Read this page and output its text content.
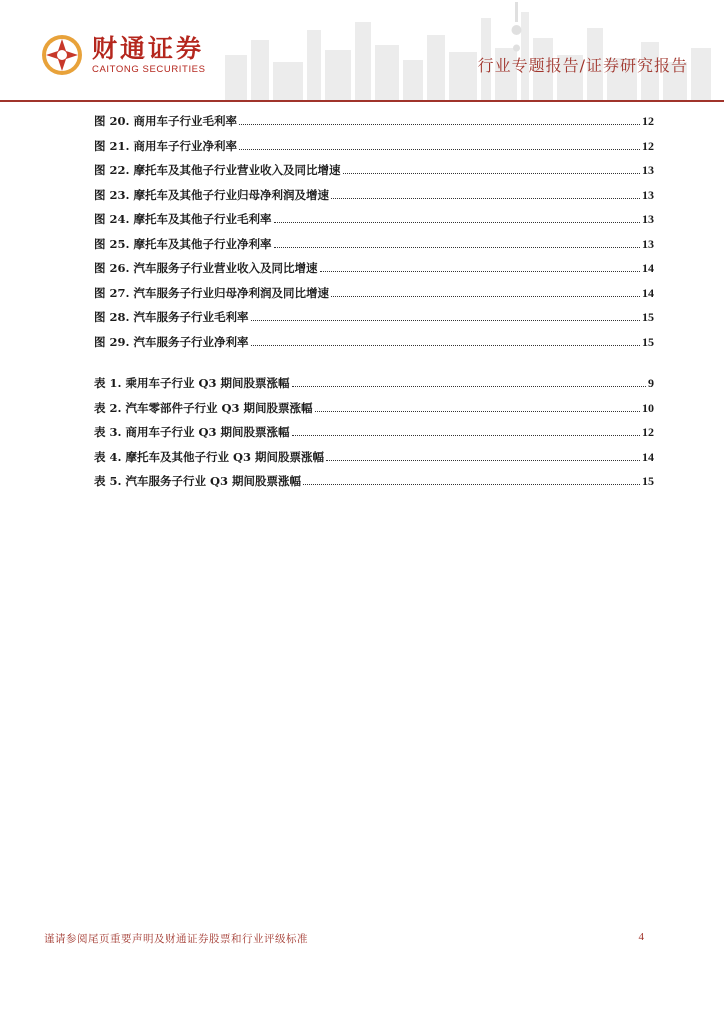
财通证券
CAITONG SECURITIES	行业专题报告/证券研究报告
图 20. 商用车子行业毛利率	12
图 21. 商用车子行业净利率	12
图 22. 摩托车及其他子行业营业收入及同比增速	13
图 23. 摩托车及其他子行业归母净利润及增速	13
图 24. 摩托车及其他子行业毛利率	13
图 25. 摩托车及其他子行业净利率	13
图 26. 汽车服务子行业营业收入及同比增速	14
图 27. 汽车服务子行业归母净利润及同比增速	14
图 28. 汽车服务子行业毛利率	15
图 29. 汽车服务子行业净利率	15
表 1. 乘用车子行业 Q3 期间股票涨幅	9
表 2. 汽车零部件子行业 Q3 期间股票涨幅	10
表 3. 商用车子行业 Q3 期间股票涨幅	12
表 4. 摩托车及其他子行业 Q3 期间股票涨幅	14
表 5. 汽车服务子行业 Q3 期间股票涨幅	15
谨请参阅尾页重要声明及财通证券股票和行业评级标准	4
